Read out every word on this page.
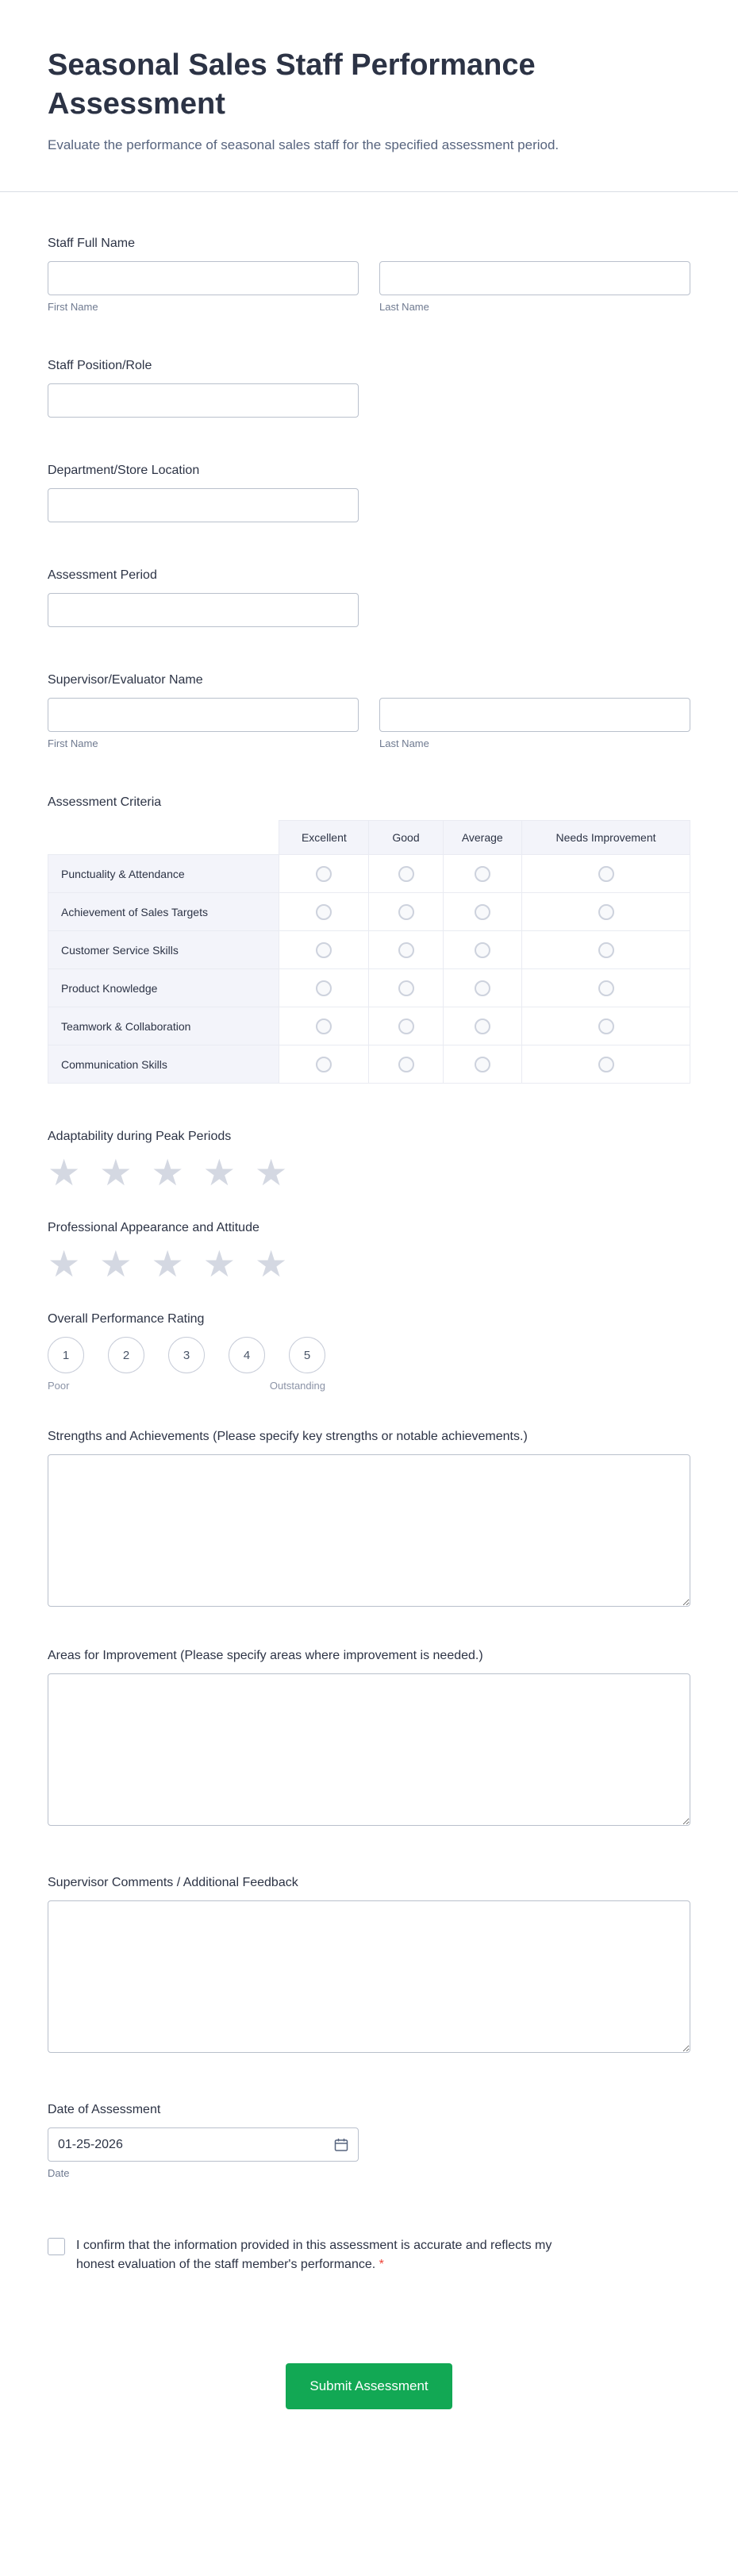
Seasonal Sales Staff Performance Assessment

Evaluate the performance of seasonal sales staff for the specified assessment period.

Staff Full Name
First Name	Last Name
Staff Position/Role
Department/Store Location
Assessment Period
Supervisor/Evaluator Name
First Name	Last Name
Assessment Criteria
	Excellent	Good	Average	Needs Improvement
Punctuality & Attendance				
Achievement of Sales Targets				
Customer Service Skills				
Product Knowledge				
Teamwork & Collaboration				
Communication Skills				
Adaptability during Peak Periods
★ ★ ★ ★ ★
Professional Appearance and Attitude
★ ★ ★ ★ ★
Overall Performance Rating
1	2	3	4	5
Poor	Outstanding
Strengths and Achievements (Please specify key strengths or notable achievements.)
Areas for Improvement (Please specify areas where improvement is needed.)
Supervisor Comments / Additional Feedback
Date of Assessment
01-25-2026
Date
I confirm that the information provided in this assessment is accurate and reflects my honest evaluation of the staff member's performance. *
Submit Assessment
